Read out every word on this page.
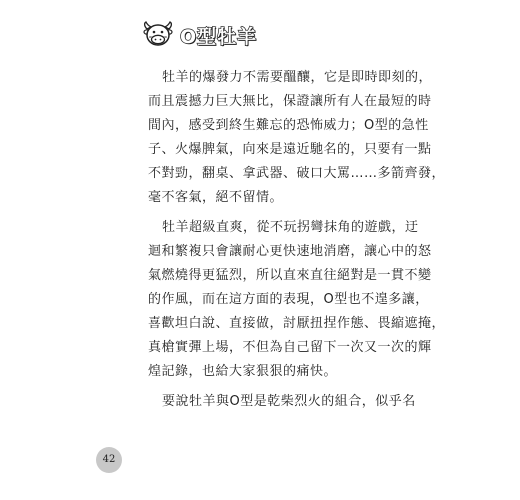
O型牡羊

牡羊的爆發力不需要醞釀，它是即時即刻的，
而且震撼力巨大無比，保證讓所有人在最短的時
間內，感受到終生難忘的恐怖威力；O型的急性
子、火爆脾氣，向來是遠近馳名的，只要有一點
不對勁，翻桌、拿武器、破口大罵……多箭齊發，
毫不客氣，絕不留情。

牡羊超級直爽，從不玩拐彎抹角的遊戲，迂
迴和繁複只會讓耐心更快速地消磨，讓心中的怒
氣燃燒得更猛烈，所以直來直往絕對是一貫不變
的作風，而在這方面的表現，O型也不遑多讓，
喜歡坦白說、直接做，討厭扭捏作態、畏縮遮掩，
真槍實彈上場，不但為自己留下一次又一次的輝
煌記錄，也給大家狠狠的痛快。

要說牡羊與O型是乾柴烈火的組合，似乎名

42
